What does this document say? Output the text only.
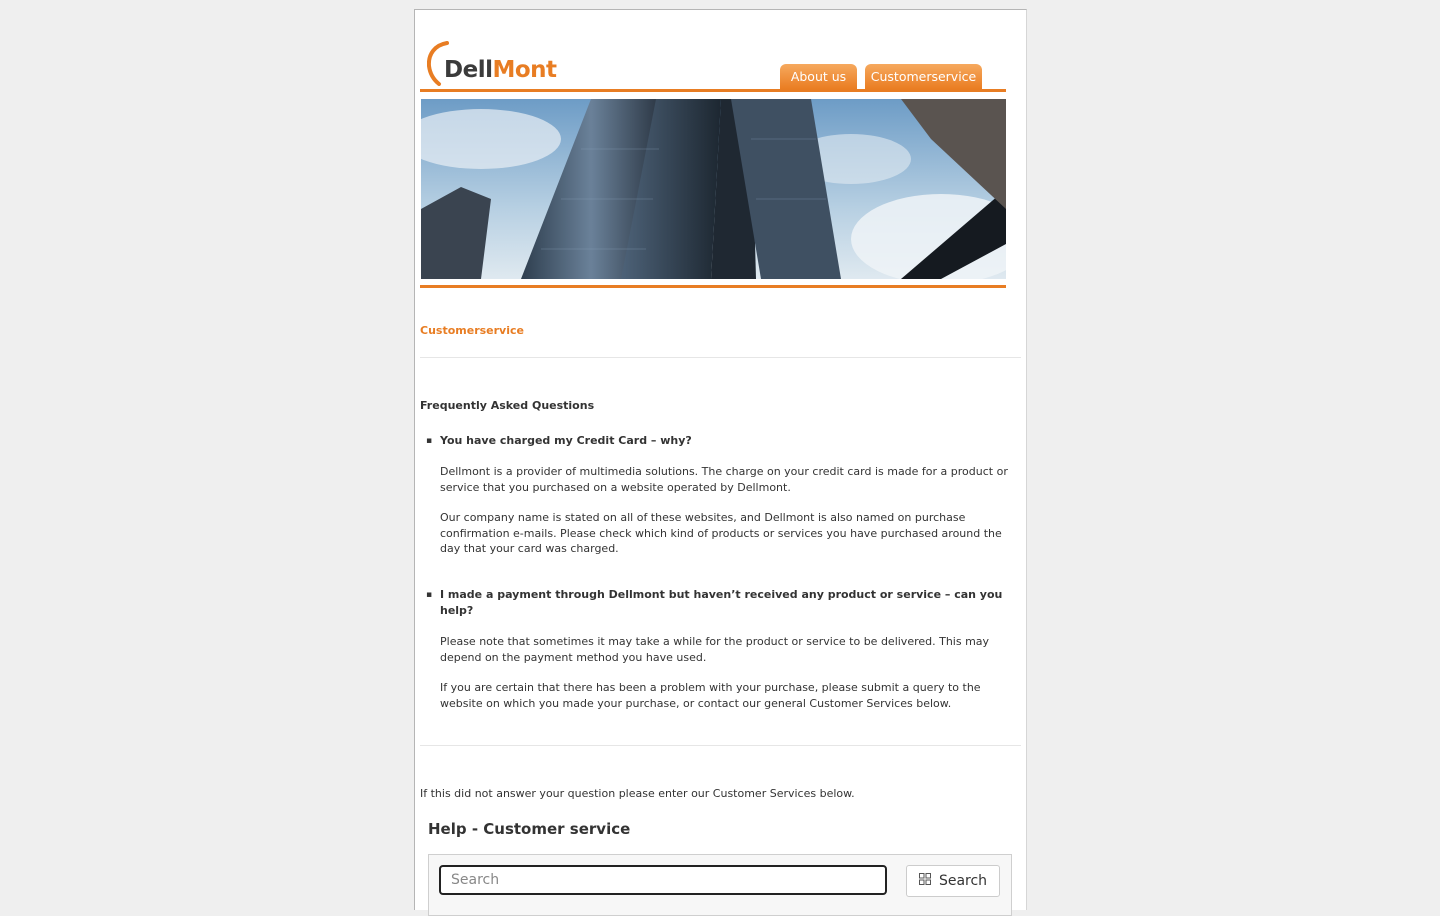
DellMont	About us	Customerservice
Customerservice
Frequently Asked Questions
▪ You have charged my Credit Card – why?
Dellmont is a provider of multimedia solutions. The charge on your credit card is made for a product or service that you purchased on a website operated by Dellmont.
Our company name is stated on all of these websites, and Dellmont is also named on purchase confirmation e-mails. Please check which kind of products or services you have purchased around the day that your card was charged.
▪ I made a payment through Dellmont but haven’t received any product or service – can you help?
Please note that sometimes it may take a while for the product or service to be delivered. This may depend on the payment method you have used.
If you are certain that there has been a problem with your purchase, please submit a query to the website on which you made your purchase, or contact our general Customer Services below.
If this did not answer your question please enter our Customer Services below.
Help - Customer service
Search
Search
